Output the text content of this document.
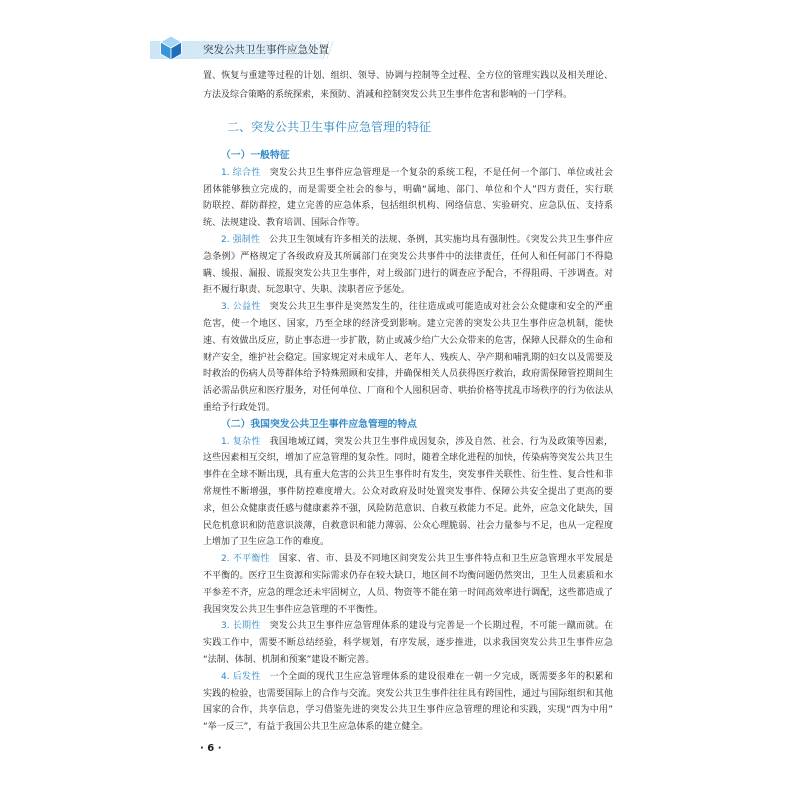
突发公共卫生事件应急处置
置、恢复与重建等过程的计划、组织、领导、协调与控制等全过程、全方位的管理实践以及相关理论、
方法及综合策略的系统探索，来预防、消减和控制突发公共卫生事件危害和影响的一门学科。
二、突发公共卫生事件应急管理的特征
（一）一般特征
1. 综合性 突发公共卫生事件应急管理是一个复杂的系统工程，不是任何一个部门、单位或社会
团体能够独立完成的，而是需要全社会的参与，明确“属地、部门、单位和个人”四方责任，实行联
防联控、群防群控，建立完善的应急体系，包括组织机构、网络信息、实验研究、应急队伍、支持系
统、法规建设、教育培训、国际合作等。
2. 强制性 公共卫生领域有许多相关的法规、条例，其实施均具有强制性。《突发公共卫生事件应
急条例》严格规定了各级政府及其所属部门在突发公共事件中的法律责任，任何人和任何部门不得隐
瞒、缓报、漏报、谎报突发公共卫生事件，对上级部门进行的调查应予配合，不得阻碍、干涉调查。对
拒不履行职责、玩忽职守、失职、渎职者应予惩处。
3. 公益性 突发公共卫生事件是突然发生的，往往造成或可能造成对社会公众健康和安全的严重
危害，使一个地区、国家，乃至全球的经济受到影响。建立完善的突发公共卫生事件应急机制，能快
速、有效做出反应，防止事态进一步扩散，防止或减少给广大公众带来的危害，保障人民群众的生命和
财产安全，维护社会稳定。国家规定对未成年人、老年人、残疾人、孕产期和哺乳期的妇女以及需要及
时救治的伤病人员等群体给予特殊照顾和安排，并确保相关人员获得医疗救治，政府需保障管控期间生
活必需品供应和医疗服务，对任何单位、厂商和个人囤积居奇、哄抬价格等扰乱市场秩序的行为依法从
重给予行政处罚。
（二）我国突发公共卫生事件应急管理的特点
1. 复杂性 我国地域辽阔，突发公共卫生事件成因复杂，涉及自然、社会、行为及政策等因素，
这些因素相互交织，增加了应急管理的复杂性。同时，随着全球化进程的加快，传染病等突发公共卫生
事件在全球不断出现，具有重大危害的公共卫生事件时有发生，突发事件关联性、衍生性、复合性和非
常规性不断增强，事件防控难度增大。公众对政府及时处置突发事件、保障公共安全提出了更高的要
求，但公众健康责任感与健康素养不强，风险防范意识、自救互救能力不足。此外，应急文化缺失，国
民危机意识和防范意识淡薄，自救意识和能力薄弱、公众心理脆弱、社会力量参与不足，也从一定程度
上增加了卫生应急工作的难度。
2. 不平衡性 国家、省、市、县及不同地区间突发公共卫生事件特点和卫生应急管理水平发展是
不平衡的。医疗卫生资源和实际需求仍存在较大缺口，地区间不均衡问题仍然突出，卫生人员素质和水
平参差不齐，应急的理念还未牢固树立，人员、物资等不能在第一时间高效率进行调配，这些都造成了
我国突发公共卫生事件应急管理的不平衡性。
3. 长期性 突发公共卫生事件应急管理体系的建设与完善是一个长期过程，不可能一蹴而就。在
实践工作中，需要不断总结经验，科学规划，有序发展，逐步推进，以求我国突发公共卫生事件应急
“法制、体制、机制和预案”建设不断完善。
4. 后发性 一个全面的现代卫生应急管理体系的建设很难在一朝一夕完成，既需要多年的积累和
实践的检验，也需要国际上的合作与交流。突发公共卫生事件往往具有跨国性，通过与国际组织和其他
国家的合作，共享信息，学习借鉴先进的突发公共卫生事件应急管理的理论和实践，实现“西为中用”
“举一反三”，有益于我国公共卫生应急体系的建立健全。
· 6 ·
